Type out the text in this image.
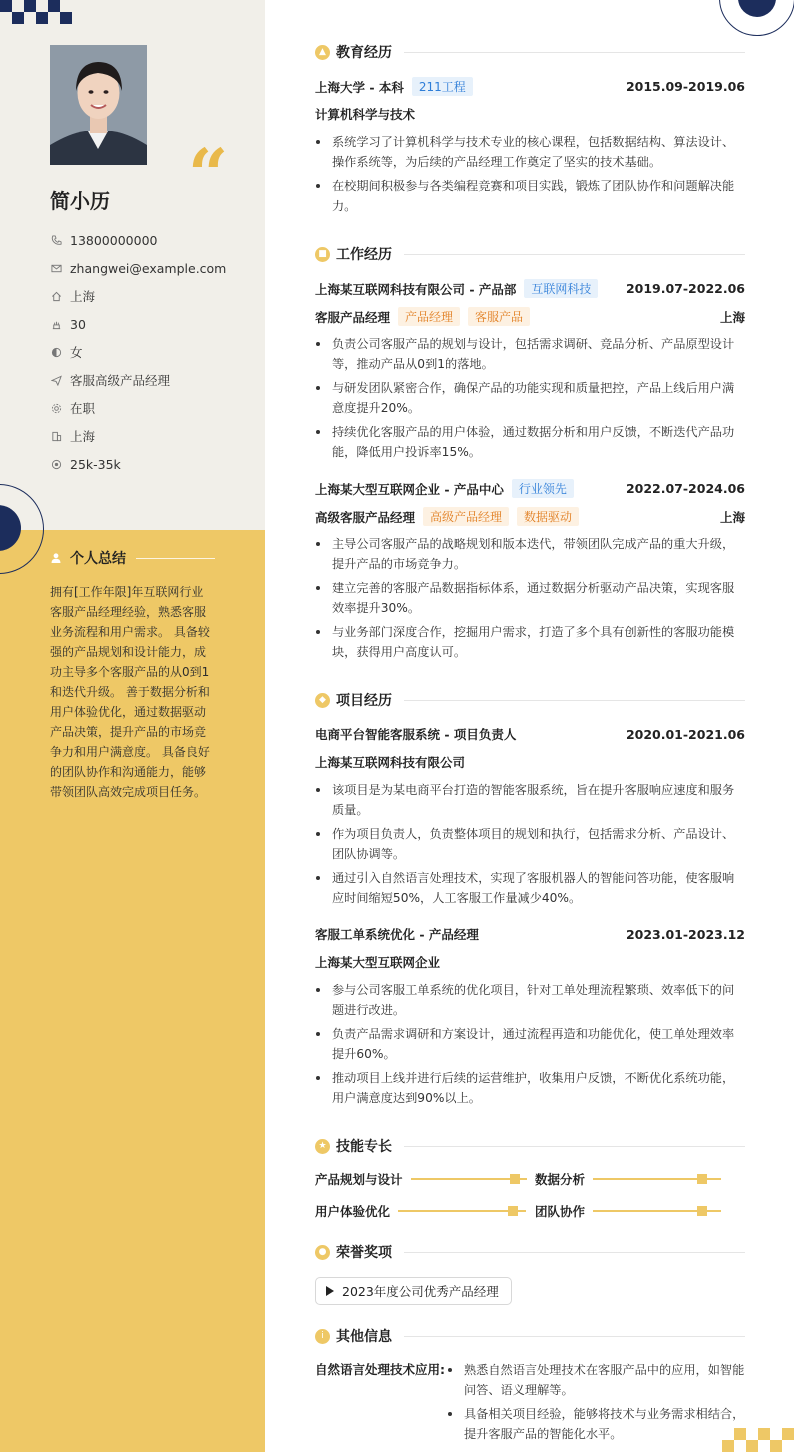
“
简小历
13800000000
zhangwei@example.com
上海
30
女
客服高级产品经理
在职
上海
25k-35k
个人总结
拥有[工作年限]年互联网行业客服产品经理经验，熟悉客服业务流程和用户需求。 具备较强的产品规划和设计能力，成功主导多个客服产品的从0到1和迭代升级。 善于数据分析和用户体验优化，通过数据驱动产品决策，提升产品的市场竞争力和用户满意度。 具备良好的团队协作和沟通能力，能够带领团队高效完成项目任务。
▲ 教育经历
上海大学 - 本科	211工程	2015.09-2019.06
计算机科学与技术
系统学习了计算机科学与技术专业的核心课程，包括数据结构、算法设计、操作系统等，为后续的产品经理工作奠定了坚实的技术基础。
在校期间积极参与各类编程竞赛和项目实践，锻炼了团队协作和问题解决能力。
■ 工作经历
上海某互联网科技有限公司 - 产品部	互联网科技	2019.07-2022.06
客服产品经理	产品经理	客服产品	上海
负责公司客服产品的规划与设计，包括需求调研、竞品分析、产品原型设计等，推动产品从0到1的落地。
与研发团队紧密合作，确保产品的功能实现和质量把控，产品上线后用户满意度提升20%。
持续优化客服产品的用户体验，通过数据分析和用户反馈，不断迭代产品功能，降低用户投诉率15%。
上海某大型互联网企业 - 产品中心	行业领先	2022.07-2024.06
高级客服产品经理	高级产品经理	数据驱动	上海
主导公司客服产品的战略规划和版本迭代，带领团队完成产品的重大升级，提升产品的市场竞争力。
建立完善的客服产品数据指标体系，通过数据分析驱动产品决策，实现客服效率提升30%。
与业务部门深度合作，挖掘用户需求，打造了多个具有创新性的客服功能模块，获得用户高度认可。
◆ 项目经历
电商平台智能客服系统 - 项目负责人	2020.01-2021.06
上海某互联网科技有限公司
该项目是为某电商平台打造的智能客服系统，旨在提升客服响应速度和服务质量。
作为项目负责人，负责整体项目的规划和执行，包括需求分析、产品设计、团队协调等。
通过引入自然语言处理技术，实现了客服机器人的智能问答功能，使客服响应时间缩短50%，人工客服工作量减少40%。
客服工单系统优化 - 产品经理	2023.01-2023.12
上海某大型互联网企业
参与公司客服工单系统的优化项目，针对工单处理流程繁琐、效率低下的问题进行改进。
负责产品需求调研和方案设计，通过流程再造和功能优化，使工单处理效率提升60%。
推动项目上线并进行后续的运营维护，收集用户反馈，不断优化系统功能，用户满意度达到90%以上。
★ 技能专长
产品规划与设计	数据分析
用户体验优化	团队协作
● 荣誉奖项
2023年度公司优秀产品经理
i 其他信息
自然语言处理技术应用:	熟悉自然语言处理技术在客服产品中的应用，如智能问答、语义理解等。
具备相关项目经验，能够将技术与业务需求相结合，提升客服产品的智能化水平。
